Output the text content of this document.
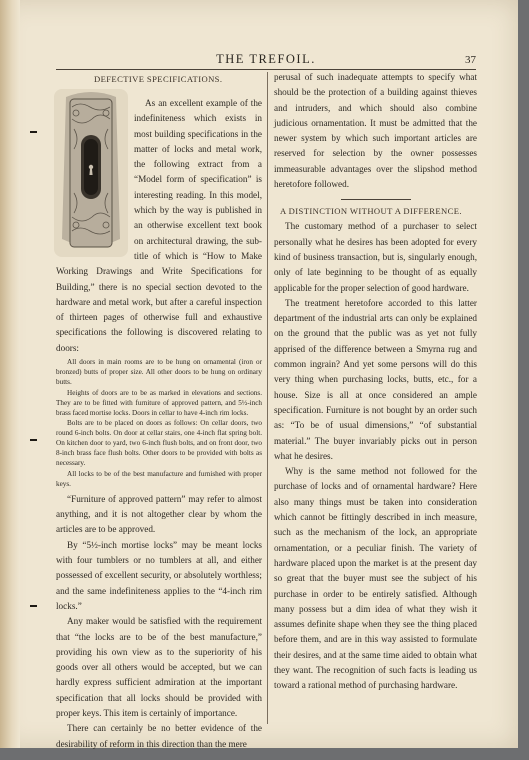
THE TREFOIL.	37
DEFECTIVE SPECIFICATIONS.

As an excellent example of the indefiniteness which exists in most building specifications in the matter of locks and metal work, the following extract from a “Model form of specification” is interesting reading. In this model, which by the way is published in an otherwise excellent text book on architectural drawing, the sub-title of which is “How to Make Working Drawings and Write Specifications for Building,” there is no special section devoted to the hardware and metal work, but after a careful inspection of thirteen pages of otherwise full and exhaustive specifications the following is discovered relating to doors:

All doors in main rooms are to be hung on ornamental (iron or bronzed) butts of proper size. All other doors to be hung on ordinary butts.

Heights of doors are to be as marked in elevations and sections. They are to be fitted with furniture of approved pattern, and 5½-inch brass faced mortise locks. Doors in cellar to have 4-inch rim locks.

Bolts are to be placed on doors as follows: On cellar doors, two round 6-inch bolts. On door at cellar stairs, one 4-inch flat spring bolt. On kitchen door to yard, two 6-inch flush bolts, and on front door, two 8-inch brass face flush bolts. Other doors to be provided with bolts as necessary.

All locks to be of the best manufacture and furnished with proper keys.

“Furniture of approved pattern” may refer to almost anything, and it is not altogether clear by whom the articles are to be approved.

By “5½-inch mortise locks” may be meant locks with four tumblers or no tumblers at all, and either possessed of excellent security, or absolutely worthless; and the same indefiniteness applies to the “4-inch rim locks.”

Any maker would be satisfied with the requirement that “the locks are to be of the best manufacture,” providing his own view as to the superiority of his goods over all others would be accepted, but we can hardly express sufficient admiration at the important specification that all locks should be provided with proper keys. This item is certainly of importance.

There can certainly be no better evidence of the desirability of reform in this direction than the mere

perusal of such inadequate attempts to specify what should be the protection of a building against thieves and intruders, and which should also combine judicious ornamentation. It must be admitted that the newer system by which such important articles are reserved for selection by the owner possesses immeasurable advantages over the slipshod method heretofore followed.

A DISTINCTION WITHOUT A DIFFERENCE.

The customary method of a purchaser to select personally what he desires has been adopted for every kind of business transaction, but is, singularly enough, only of late beginning to be thought of as equally applicable for the proper selection of good hardware.

The treatment heretofore accorded to this latter department of the industrial arts can only be explained on the ground that the public was as yet not fully apprised of the difference between a Smyrna rug and common ingrain? And yet some persons will do this very thing when purchasing locks, butts, etc., for a house. Size is all at once considered an ample specification. Furniture is not bought by an order such as: “To be of usual dimensions,” “of substantial material.” The buyer invariably picks out in person what he desires.

Why is the same method not followed for the purchase of locks and of ornamental hardware? Here also many things must be taken into consideration which cannot be fittingly described in inch measure, such as the mechanism of the lock, an appropriate ornamentation, or a peculiar finish. The variety of hardware placed upon the market is at the present day so great that the buyer must see the subject of his purchase in order to be entirely satisfied. Although many possess but a dim idea of what they wish it assumes definite shape when they see the thing placed before them, and are in this way assisted to formulate their desires, and at the same time aided to obtain what they want. The recognition of such facts is leading us toward a rational method of purchasing hardware.
